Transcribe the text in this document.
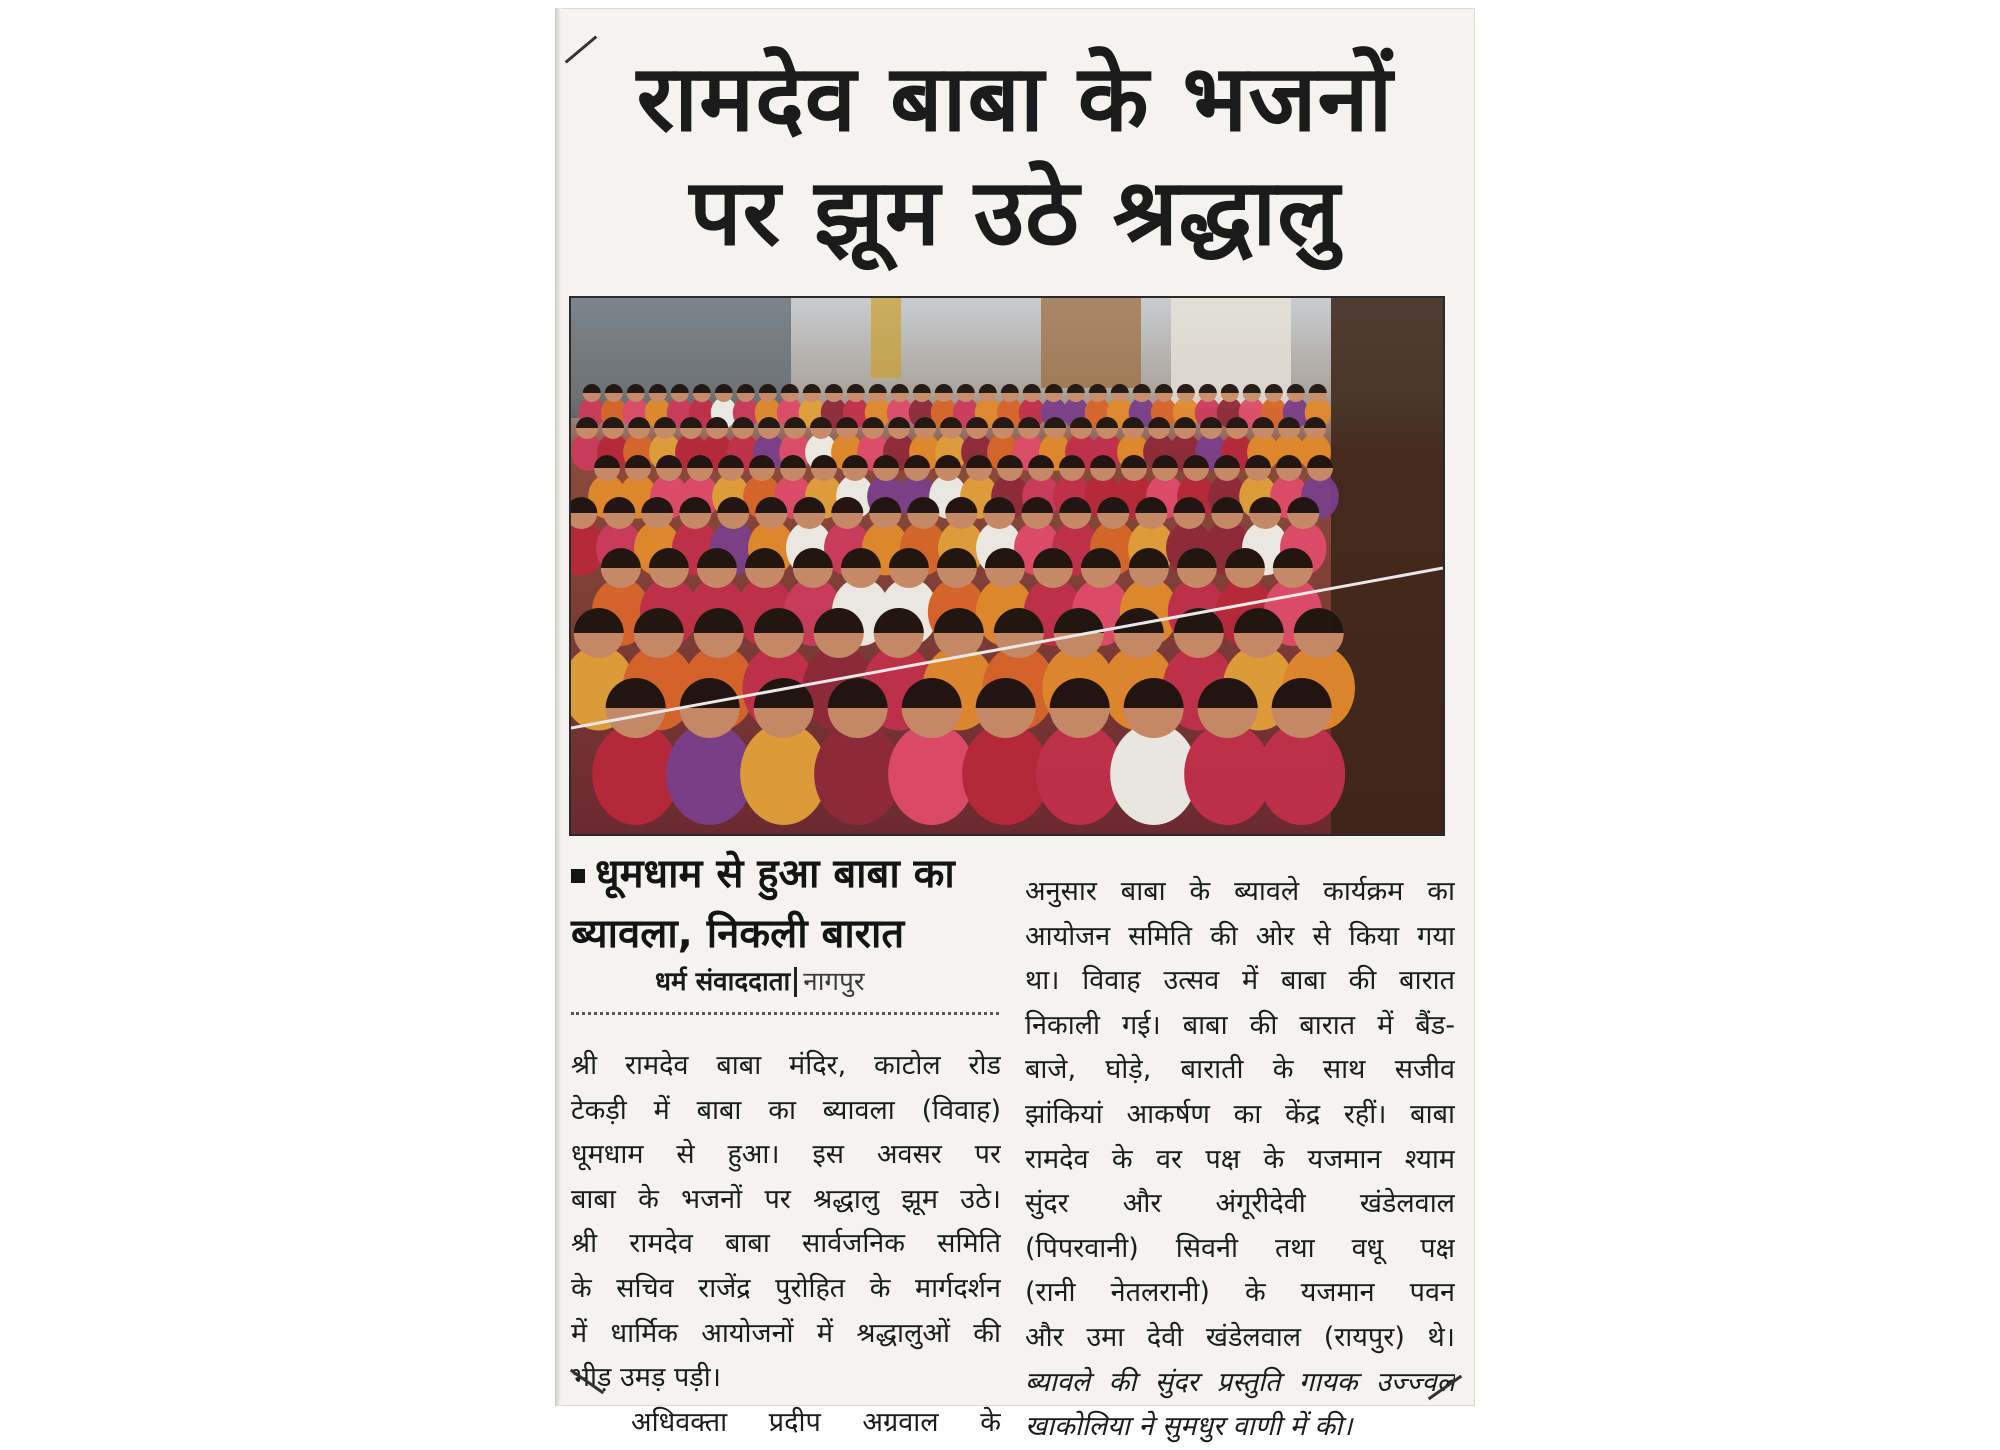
रामदेव बाबा के भजनों
पर झूम उठे श्रद्धालु
धूमधाम से हुआ बाबा का
ब्यावला, निकली बारात
धर्म संवाददाता नागपुर

श्री रामदेव बाबा मंदिर, काटोल रोड

टेकड़ी में बाबा का ब्यावला (विवाह)

धूमधाम से हुआ। इस अवसर पर

बाबा के भजनों पर श्रद्धालु झूम उठे।

श्री रामदेव बाबा सार्वजनिक समिति

के सचिव राजेंद्र पुरोहित के मार्गदर्शन

में धार्मिक आयोजनों में श्रद्धालुओं की

भीड़ उमड़ पड़ी।

अधिवक्ता प्रदीप अग्रवाल के

अनुसार बाबा के ब्यावले कार्यक्रम का

आयोजन समिति की ओर से किया गया

था। विवाह उत्सव में बाबा की बारात

निकाली गई। बाबा की बारात में बैंड-

बाजे, घोड़े, बाराती के साथ सजीव

झांकियां आकर्षण का केंद्र रहीं। बाबा

रामदेव के वर पक्ष के यजमान श्याम

सुंदर और अंगूरीदेवी खंडेलवाल

(पिपरवानी) सिवनी तथा वधू पक्ष

(रानी नेतलरानी) के यजमान पवन

और उमा देवी खंडेलवाल (रायपुर) थे।

ब्यावले की सुंदर प्रस्तुति गायक उज्ज्वल

खाकोलिया ने सुमधुर वाणी में की।
